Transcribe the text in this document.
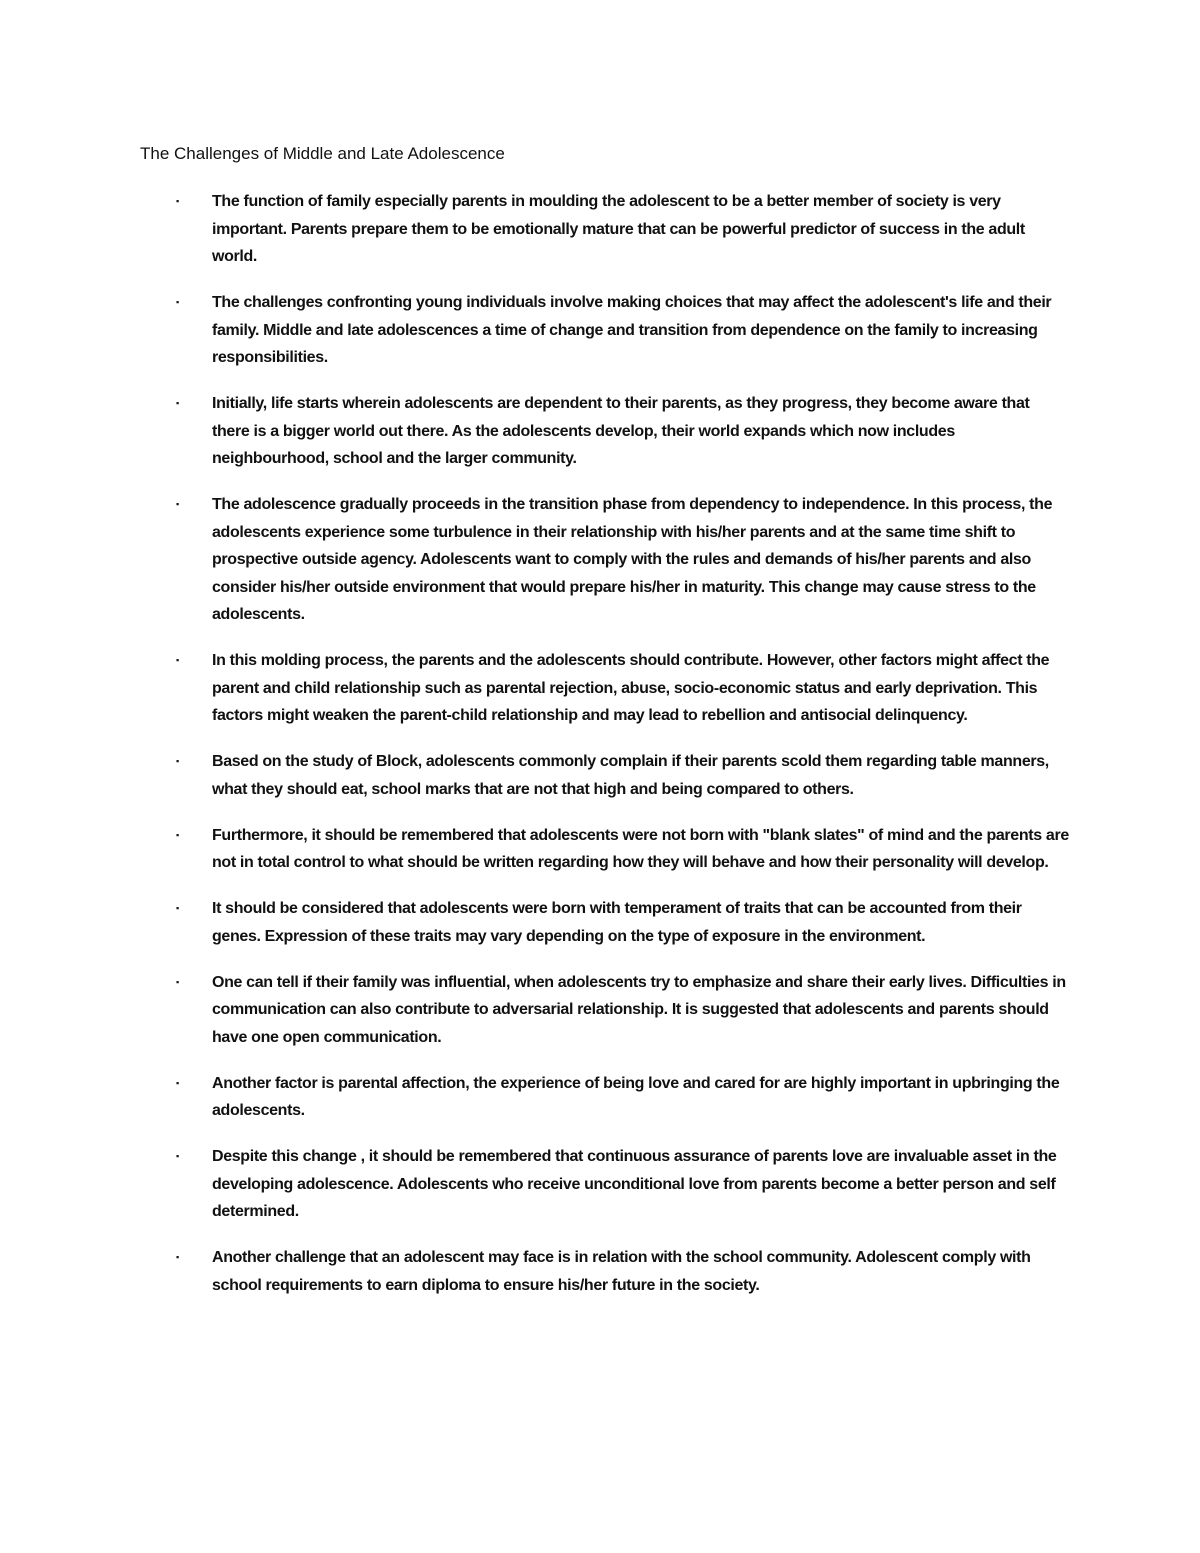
The Challenges of Middle and Late Adolescence
▪ The function of family especially parents in moulding the adolescent to be a better member of society is very important. Parents prepare them to be emotionally mature that can be powerful predictor of success in the adult world.
▪ The challenges confronting young individuals involve making choices that may affect the adolescent's life and their family. Middle and late adolescences a time of change and transition from dependence on the family to increasing responsibilities.
▪ Initially, life starts wherein adolescents are dependent to their parents, as they progress, they become aware that there is a bigger world out there. As the adolescents develop, their world expands which now includes neighbourhood, school and the larger community.
▪ The adolescence gradually proceeds in the transition phase from dependency to independence. In this process, the adolescents experience some turbulence in their relationship with his/her parents and at the same time shift to prospective outside agency. Adolescents want to comply with the rules and demands of his/her parents and also consider his/her outside environment that would prepare his/her in maturity. This change may cause stress to the adolescents.
▪ In this molding process, the parents and the adolescents should contribute. However, other factors might affect the parent and child relationship such as parental rejection, abuse, socio-economic status and early deprivation. This factors might weaken the parent-child relationship and may lead to rebellion and antisocial delinquency.
▪ Based on the study of Block, adolescents commonly complain if their parents scold them regarding table manners, what they should eat, school marks that are not that high and being compared to others.
▪ Furthermore, it should be remembered that adolescents were not born with "blank slates" of mind and the parents are not in total control to what should be written regarding how they will behave and how their personality will develop.
▪ It should be considered that adolescents were born with temperament of traits that can be accounted from their genes. Expression of these traits may vary depending on the type of exposure in the environment.
▪ One can tell if their family was influential, when adolescents try to emphasize and share their early lives. Difficulties in communication can also contribute to adversarial relationship. It is suggested that adolescents and parents should have one open communication.
▪ Another factor is parental affection, the experience of being love and cared for are highly important in upbringing the adolescents.
▪ Despite this change , it should be remembered that continuous assurance of parents love are invaluable asset in the developing adolescence. Adolescents who receive unconditional love from parents become a better person and self determined.
▪ Another challenge that an adolescent may face is in relation with the school community. Adolescent comply with school requirements to earn diploma to ensure his/her future in the society.
